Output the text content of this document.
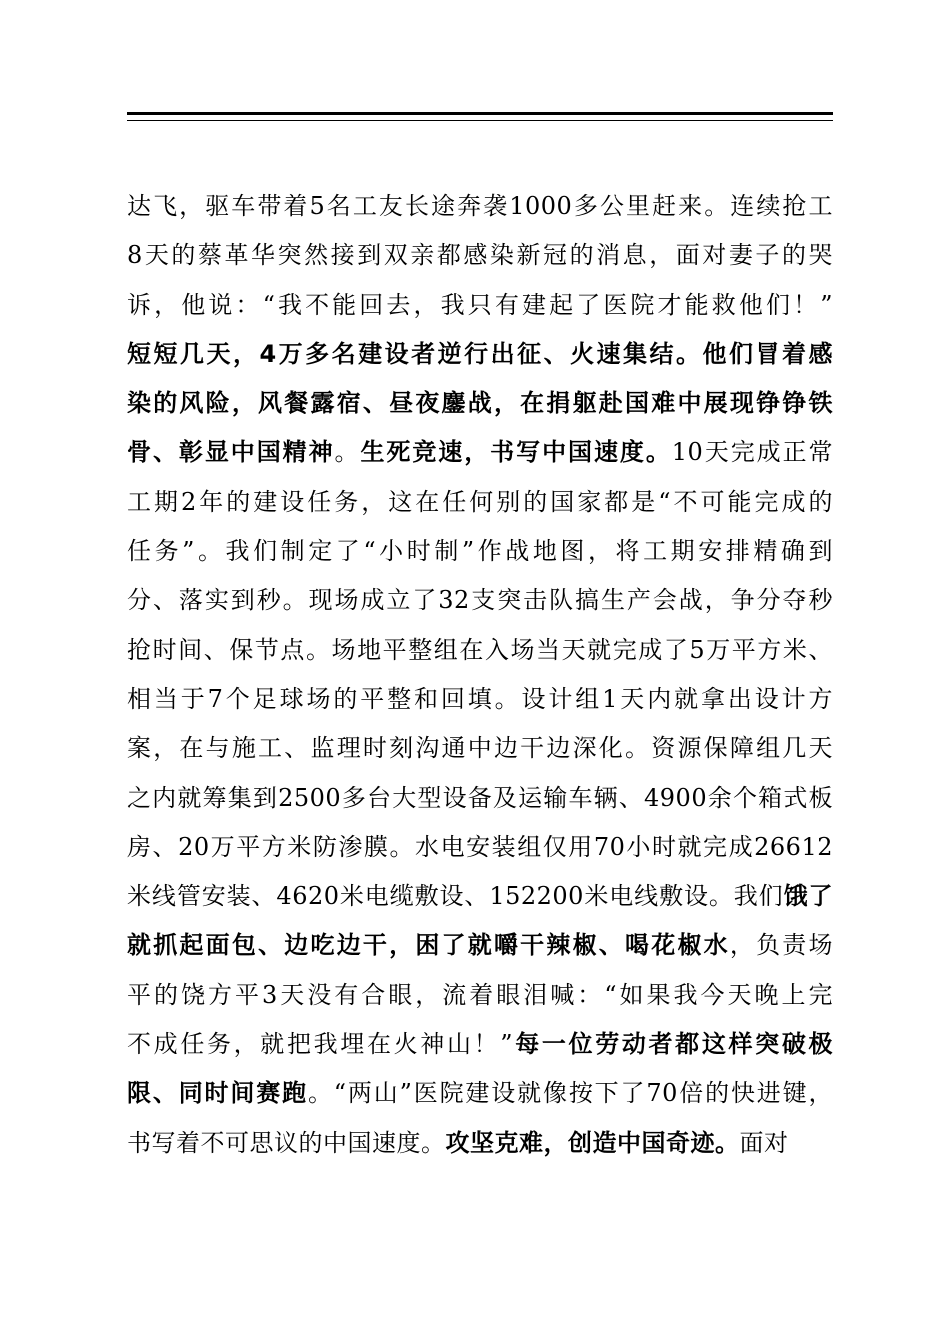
达飞，驱车带着5名工友长途奔袭1000多公里赶来。连续抢工
8天的蔡革华突然接到双亲都感染新冠的消息，面对妻子的哭
诉，他说：“我不能回去，我只有建起了医院才能救他们！”
短短几天，4万多名建设者逆行出征、火速集结。他们冒着感
染的风险，风餐露宿、昼夜鏖战，在捐躯赴国难中展现铮铮铁
骨、彰显中国精神。生死竞速，书写中国速度。10天完成正常
工期2年的建设任务，这在任何别的国家都是“不可能完成的
任务”。我们制定了“小时制”作战地图，将工期安排精确到
分、落实到秒。现场成立了32支突击队搞生产会战，争分夺秒
抢时间、保节点。场地平整组在入场当天就完成了5万平方米、
相当于7个足球场的平整和回填。设计组1天内就拿出设计方
案，在与施工、监理时刻沟通中边干边深化。资源保障组几天
之内就筹集到2500多台大型设备及运输车辆、4900余个箱式板
房、20万平方米防渗膜。水电安装组仅用70小时就完成26612
米线管安装、4620米电缆敷设、152200米电线敷设。我们饿了
就抓起面包、边吃边干，困了就嚼干辣椒、喝花椒水，负责场
平的饶方平3天没有合眼，流着眼泪喊：“如果我今天晚上完
不成任务，就把我埋在火神山！”每一位劳动者都这样突破极
限、同时间赛跑。“两山”医院建设就像按下了70倍的快进键，
书写着不可思议的中国速度。攻坚克难，创造中国奇迹。面对
